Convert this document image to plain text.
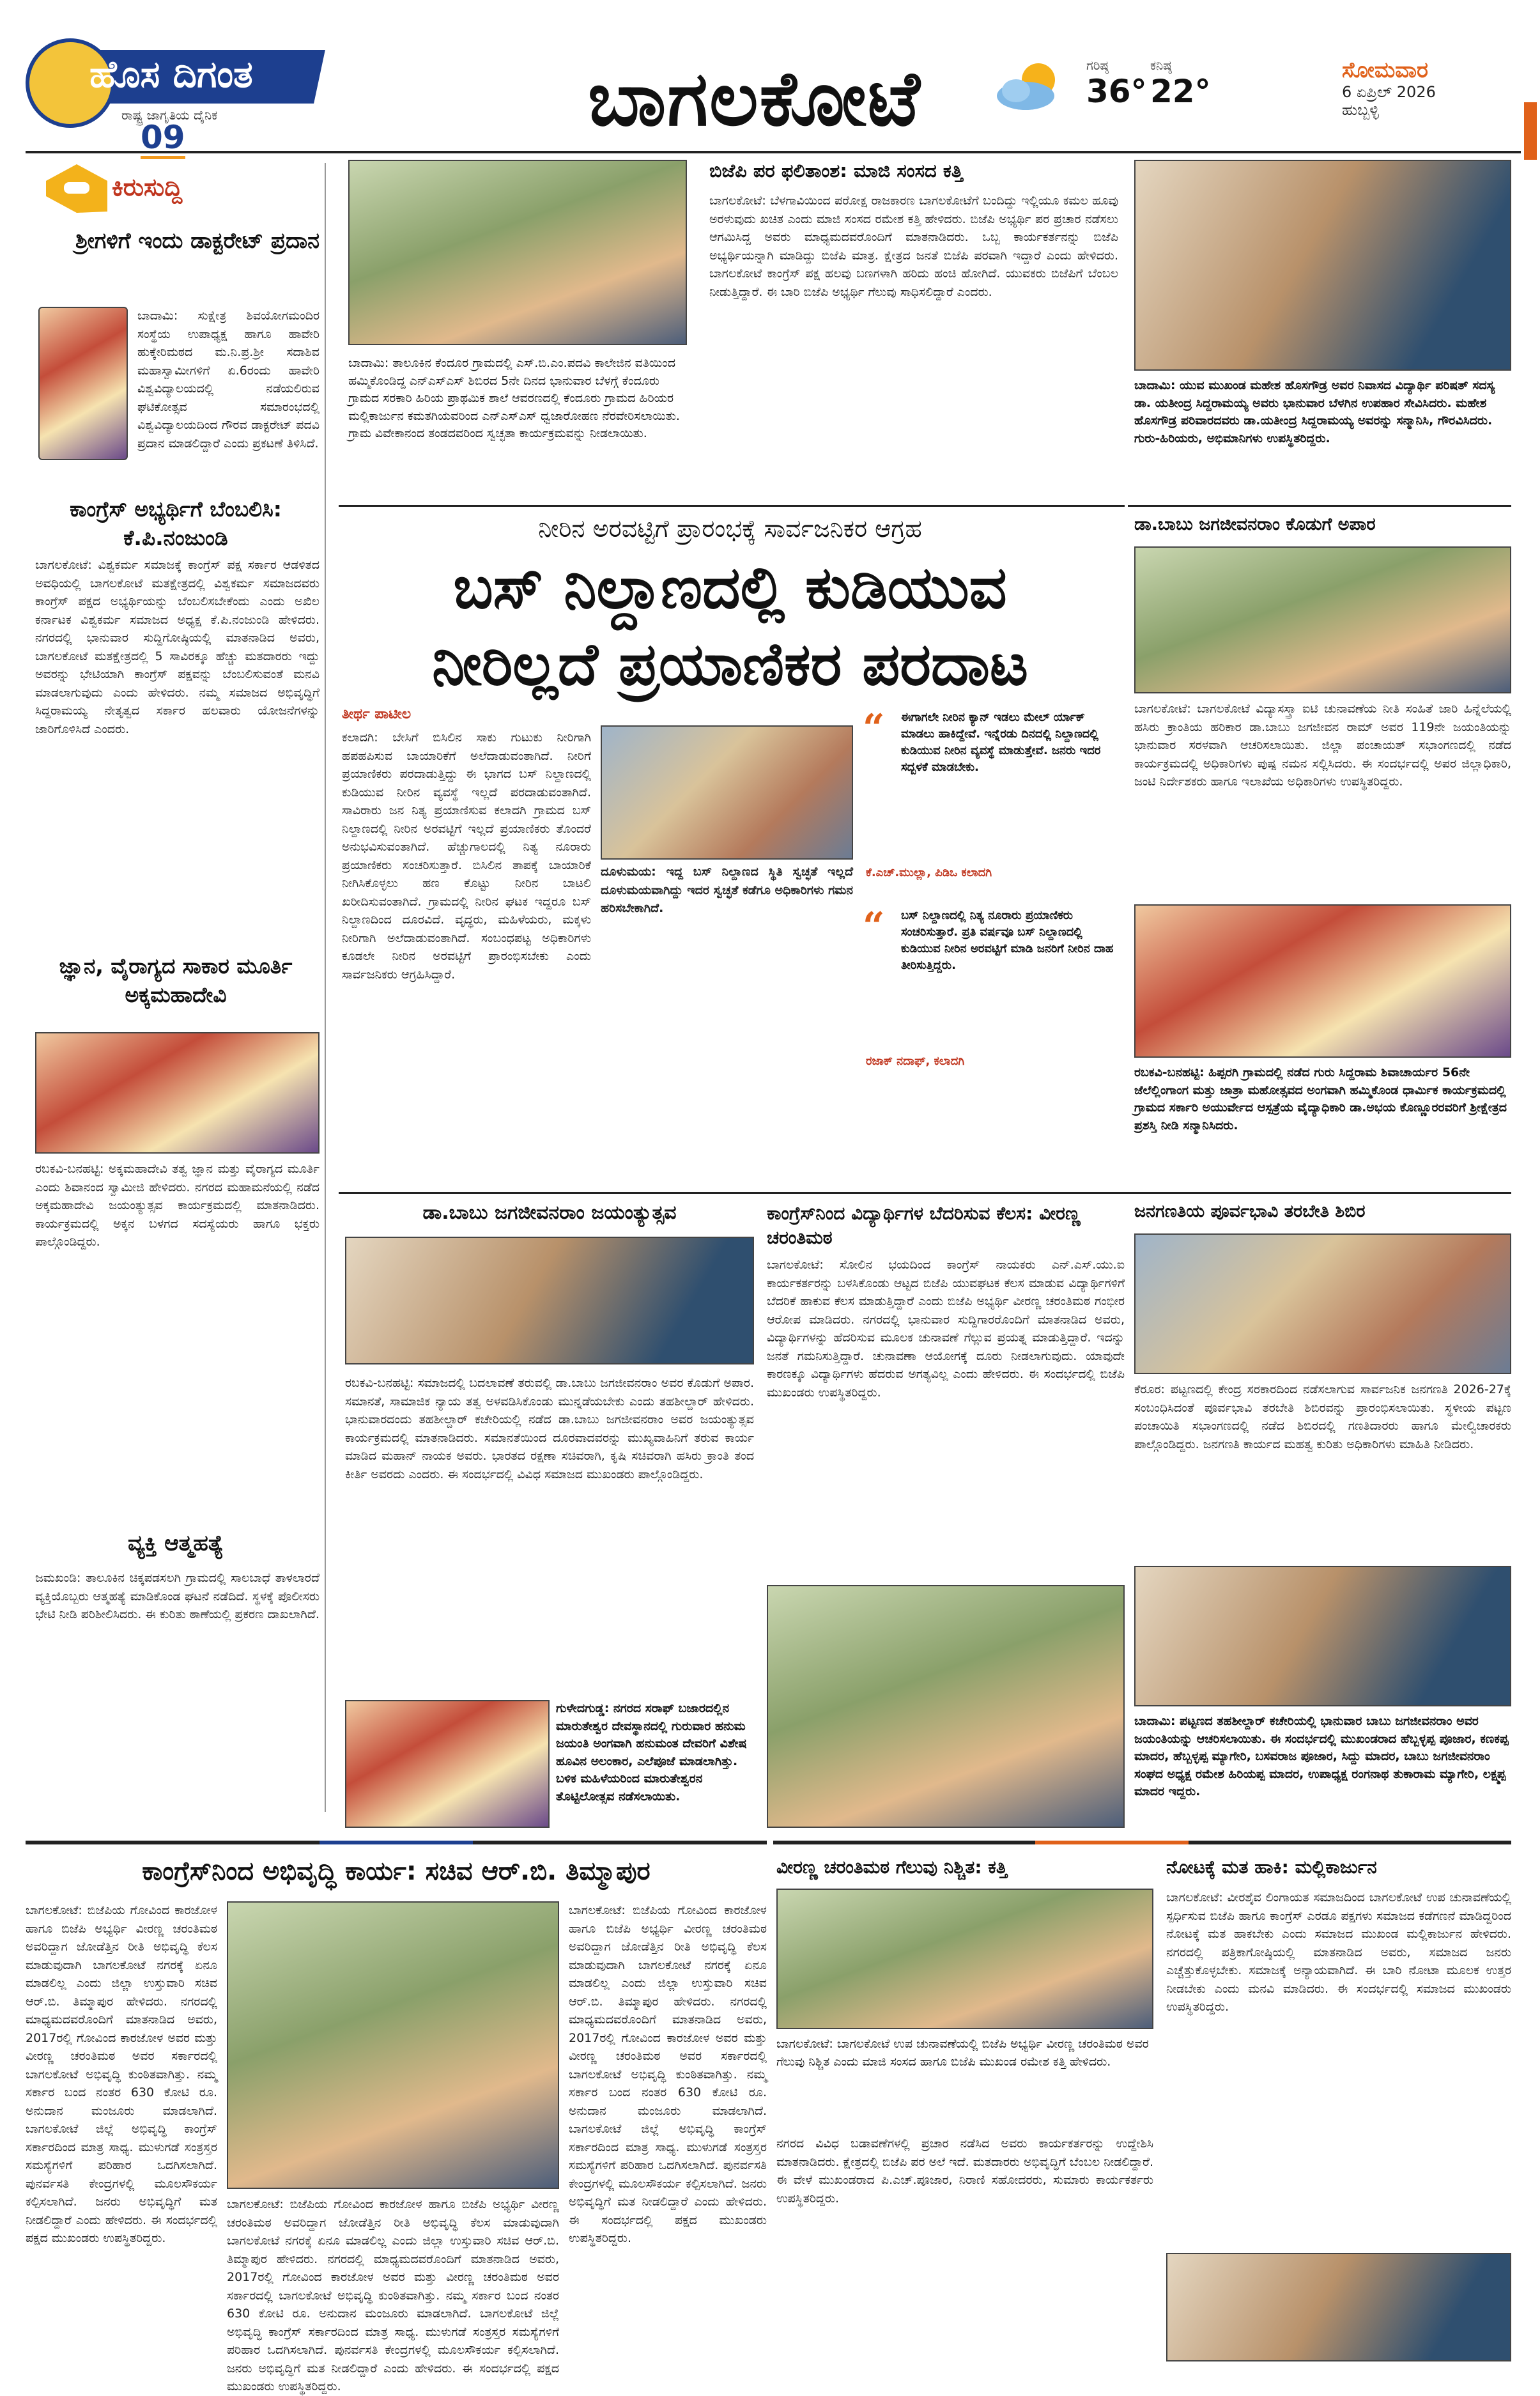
ಹೊಸ ದಿಗಂತ
ರಾಷ್ಟ್ರ ಜಾಗೃತಿಯ ದೈನಿಕ
09	ಬಾಗಲಕೋಟೆ	ಗರಿಷ್ಠ
36°
ಕನಿಷ್ಠ
22°
ಸೋಮವಾರ
6 ಏಪ್ರಿಲ್ 2026
ಹುಬ್ಬಳ್ಳಿ
ಕಿರುಸುದ್ದಿ
ಶ್ರೀಗಳಿಗೆ ಇಂದು ಡಾಕ್ಟರೇಟ್ ಪ್ರದಾನ
ಬಾದಾಮಿ: ಸುಕ್ಷೇತ್ರ ಶಿವಯೋಗಮಂದಿರ ಸಂಸ್ಥೆಯ ಉಪಾಧ್ಯಕ್ಷ ಹಾಗೂ ಹಾವೇರಿ ಹುಕ್ಕೇರಿಮಠದ ಮ.ನಿ.ಪ್ರ.ಶ್ರೀ ಸದಾಶಿವ ಮಹಾಸ್ವಾಮೀಗಳಿಗೆ ಏ.6ರಂದು ಹಾವೇರಿ ವಿಶ್ವವಿದ್ಯಾಲಯದಲ್ಲಿ ನಡೆಯಲಿರುವ ಘಟಿಕೋತ್ಸವ ಸಮಾರಂಭದಲ್ಲಿ ವಿಶ್ವವಿದ್ಯಾಲಯದಿಂದ ಗೌರವ ಡಾಕ್ಟರೇಟ್ ಪದವಿ ಪ್ರದಾನ ಮಾಡಲಿದ್ದಾರೆ ಎಂದು ಪ್ರಕಟಣೆ ತಿಳಿಸಿದೆ.
ಕಾಂಗ್ರೆಸ್ ಅಭ್ಯರ್ಥಿಗೆ ಬೆಂಬಲಿಸಿ: ಕೆ.ಪಿ.ನಂಜುಂಡಿ
ಬಾಗಲಕೋಟೆ: ವಿಶ್ವಕರ್ಮ ಸಮಾಜಕ್ಕೆ ಕಾಂಗ್ರೆಸ್ ಪಕ್ಷ ಸರ್ಕಾರ ಆಡಳಿತದ ಅವಧಿಯಲ್ಲಿ ಬಾಗಲಕೋಟೆ ಮತಕ್ಷೇತ್ರದಲ್ಲಿ ವಿಶ್ವಕರ್ಮ ಸಮಾಜದವರು ಕಾಂಗ್ರೆಸ್ ಪಕ್ಷದ ಅಭ್ಯರ್ಥಿಯನ್ನು ಬೆಂಬಲಿಸಬೇಕೆಂದು ಎಂದು ಅಖಿಲ ಕರ್ನಾಟಕ ವಿಶ್ವಕರ್ಮ ಸಮಾಜದ ಅಧ್ಯಕ್ಷ ಕೆ.ಪಿ.ನಂಜುಂಡಿ ಹೇಳಿದರು. ನಗರದಲ್ಲಿ ಭಾನುವಾರ ಸುದ್ದಿಗೋಷ್ಠಿಯಲ್ಲಿ ಮಾತನಾಡಿದ ಅವರು, ಬಾಗಲಕೋಟೆ ಮತಕ್ಷೇತ್ರದಲ್ಲಿ 5 ಸಾವಿರಕ್ಕೂ ಹೆಚ್ಚು ಮತದಾರರು ಇದ್ದು ಅವರನ್ನು ಭೇಟಿಯಾಗಿ ಕಾಂಗ್ರೆಸ್ ಪಕ್ಷವನ್ನು ಬೆಂಬಲಿಸುವಂತೆ ಮನವಿ ಮಾಡಲಾಗುವುದು ಎಂದು ಹೇಳಿದರು. ನಮ್ಮ ಸಮಾಜದ ಅಭಿವೃದ್ಧಿಗೆ ಸಿದ್ದರಾಮಯ್ಯ ನೇತೃತ್ವದ ಸರ್ಕಾರ ಹಲವಾರು ಯೋಜನೆಗಳನ್ನು ಜಾರಿಗೊಳಿಸಿದೆ ಎಂದರು.
ಜ್ಞಾನ, ವೈರಾಗ್ಯದ ಸಾಕಾರ ಮೂರ್ತಿ ಅಕ್ಕಮಹಾದೇವಿ
ರಬಕವಿ-ಬನಹಟ್ಟಿ: ಅಕ್ಕಮಹಾದೇವಿ ತತ್ವ ಜ್ಞಾನ ಮತ್ತು ವೈರಾಗ್ಯದ ಮೂರ್ತಿ ಎಂದು ಶಿವಾನಂದ ಸ್ವಾಮೀಜಿ ಹೇಳಿದರು. ನಗರದ ಮಹಾಮನೆಯಲ್ಲಿ ನಡೆದ ಅಕ್ಕಮಹಾದೇವಿ ಜಯಂತ್ಯುತ್ಸವ ಕಾರ್ಯಕ್ರಮದಲ್ಲಿ ಮಾತನಾಡಿದರು. ಕಾರ್ಯಕ್ರಮದಲ್ಲಿ ಅಕ್ಕನ ಬಳಗದ ಸದಸ್ಯೆಯರು ಹಾಗೂ ಭಕ್ತರು ಪಾಲ್ಗೊಂಡಿದ್ದರು.
ವ್ಯಕ್ತಿ ಆತ್ಮಹತ್ಯೆ
ಜಮಖಂಡಿ: ತಾಲೂಕಿನ ಚಿಕ್ಕಪಡಸಲಗಿ ಗ್ರಾಮದಲ್ಲಿ ಸಾಲಬಾಧೆ ತಾಳಲಾರದೆ ವ್ಯಕ್ತಿಯೊಬ್ಬರು ಆತ್ಮಹತ್ಯೆ ಮಾಡಿಕೊಂಡ ಘಟನೆ ನಡೆದಿದೆ. ಸ್ಥಳಕ್ಕೆ ಪೊಲೀಸರು ಭೇಟಿ ನೀಡಿ ಪರಿಶೀಲಿಸಿದರು. ಈ ಕುರಿತು ಠಾಣೆಯಲ್ಲಿ ಪ್ರಕರಣ ದಾಖಲಾಗಿದೆ.
ಬಾದಾಮಿ: ತಾಲೂಕಿನ ಕೆಂದೂರ ಗ್ರಾಮದಲ್ಲಿ ಎಸ್.ಬಿ.ಎಂ.ಪದವಿ ಕಾಲೇಜಿನ ವತಿಯಿಂದ ಹಮ್ಮಿಕೊಂಡಿದ್ದ ಎನ್ಎಸ್ಎಸ್ ಶಿಬಿರದ 5ನೇ ದಿನದ ಭಾನುವಾರ ಬೆಳಗ್ಗೆ ಕೆಂದೂರು ಗ್ರಾಮದ ಸರಕಾರಿ ಹಿರಿಯ ಪ್ರಾಥಮಿಕ ಶಾಲೆ ಆವರಣದಲ್ಲಿ ಕೆಂದೂರು ಗ್ರಾಮದ ಹಿರಿಯರ ಮಲ್ಲಿಕಾರ್ಜುನ ಕಮತಗಿಯವರಿಂದ ಎನ್ಎಸ್ಎಸ್ ಧ್ವಜಾರೋಹಣ ನೆರವೇರಿಸಲಾಯಿತು. ಗ್ರಾಮ ವಿವೇಕಾನಂದ ತಂಡದವರಿಂದ ಸ್ವಚ್ಛತಾ ಕಾರ್ಯಕ್ರಮವನ್ನು ನೀಡಲಾಯಿತು.
ಬಿಜೆಪಿ ಪರ ಫಲಿತಾಂಶ: ಮಾಜಿ ಸಂಸದ ಕತ್ತಿ
ಬಾಗಲಕೋಟೆ: ಬೆಳಗಾವಿಯಿಂದ ಪರೋಕ್ಷ ರಾಜಕಾರಣ ಬಾಗಲಕೋಟೆಗೆ ಬಂದಿದ್ದು ಇಲ್ಲಿಯೂ ಕಮಲ ಹೂವು ಅರಳುವುದು ಖಚಿತ ಎಂದು ಮಾಜಿ ಸಂಸದ ರಮೇಶ ಕತ್ತಿ ಹೇಳಿದರು. ಬಿಜೆಪಿ ಅಭ್ಯರ್ಥಿ ಪರ ಪ್ರಚಾರ ನಡೆಸಲು ಆಗಮಿಸಿದ್ದ ಅವರು ಮಾಧ್ಯಮದವರೊಂದಿಗೆ ಮಾತನಾಡಿದರು. ಒಬ್ಬ ಕಾರ್ಯಕರ್ತನನ್ನು ಬಿಜೆಪಿ ಅಭ್ಯರ್ಥಿಯನ್ನಾಗಿ ಮಾಡಿದ್ದು ಬಿಜೆಪಿ ಮಾತ್ರ. ಕ್ಷೇತ್ರದ ಜನತೆ ಬಿಜೆಪಿ ಪರವಾಗಿ ಇದ್ದಾರೆ ಎಂದು ಹೇಳಿದರು. ಬಾಗಲಕೋಟೆ ಕಾಂಗ್ರೆಸ್ ಪಕ್ಷ ಹಲವು ಬಣಗಳಾಗಿ ಹರಿದು ಹಂಚಿ ಹೋಗಿದೆ. ಯುವಕರು ಬಿಜೆಪಿಗೆ ಬೆಂಬಲ ನೀಡುತ್ತಿದ್ದಾರೆ. ಈ ಬಾರಿ ಬಿಜೆಪಿ ಅಭ್ಯರ್ಥಿ ಗೆಲುವು ಸಾಧಿಸಲಿದ್ದಾರೆ ಎಂದರು.
ಬಾದಾಮಿ: ಯುವ ಮುಖಂಡ ಮಹೇಶ ಹೊಸಗೌಡ್ರ ಅವರ ನಿವಾಸದ ವಿದ್ಯಾರ್ಥಿ ಪರಿಷತ್ ಸದಸ್ಯ ಡಾ. ಯತೀಂದ್ರ ಸಿದ್ದರಾಮಯ್ಯ ಅವರು ಭಾನುವಾರ ಬೆಳಗಿನ ಉಪಹಾರ ಸೇವಿಸಿದರು. ಮಹೇಶ ಹೊಸಗೌಡ್ರ ಪರಿವಾರದವರು ಡಾ.ಯತೀಂದ್ರ ಸಿದ್ದರಾಮಯ್ಯ ಅವರನ್ನು ಸನ್ಮಾನಿಸಿ, ಗೌರವಿಸಿದರು. ಗುರು-ಹಿರಿಯರು, ಅಭಿಮಾನಿಗಳು ಉಪಸ್ಥಿತರಿದ್ದರು.
ನೀರಿನ ಅರವಟ್ಟಿಗೆ ಪ್ರಾರಂಭಕ್ಕೆ ಸಾರ್ವಜನಿಕರ ಆಗ್ರಹ
ಬಸ್ ನಿಲ್ದಾಣದಲ್ಲಿ ಕುಡಿಯುವ
ನೀರಿಲ್ಲದೆ ಪ್ರಯಾಣಿಕರ ಪರದಾಟ
ತೀರ್ಥ ಪಾಟೀಲ
ಕಲಾದಗಿ: ಬೇಸಿಗೆ ಬಿಸಿಲಿನ ಸಾಕು ಗುಟುಕು ನೀರಿಗಾಗಿ ಹಪಹಪಿಸುವ ಬಾಯಾರಿಕೆಗೆ ಅಲೆದಾಡುವಂತಾಗಿದೆ. ನೀರಿಗೆ ಪ್ರಯಾಣಿಕರು ಪರದಾಡುತ್ತಿದ್ದು ಈ ಭಾಗದ ಬಸ್ ನಿಲ್ದಾಣದಲ್ಲಿ ಕುಡಿಯುವ ನೀರಿನ ವ್ಯವಸ್ಥೆ ಇಲ್ಲದೆ ಪರದಾಡುವಂತಾಗಿದೆ. ಸಾವಿರಾರು ಜನ ನಿತ್ಯ ಪ್ರಯಾಣಿಸುವ ಕಲಾದಗಿ ಗ್ರಾಮದ ಬಸ್ ನಿಲ್ದಾಣದಲ್ಲಿ ನೀರಿನ ಅರವಟ್ಟಿಗೆ ಇಲ್ಲದೆ ಪ್ರಯಾಣಿಕರು ತೊಂದರೆ ಅನುಭವಿಸುವಂತಾಗಿದೆ. ಹೆಚ್ಚುಗಾಲದಲ್ಲಿ ನಿತ್ಯ ನೂರಾರು ಪ್ರಯಾಣಿಕರು ಸಂಚರಿಸುತ್ತಾರೆ. ಬಿಸಿಲಿನ ತಾಪಕ್ಕೆ ಬಾಯಾರಿಕೆ ನೀಗಿಸಿಕೊಳ್ಳಲು ಹಣ ಕೊಟ್ಟು ನೀರಿನ ಬಾಟಲಿ ಖರೀದಿಸುವಂತಾಗಿದೆ. ಗ್ರಾಮದಲ್ಲಿ ನೀರಿನ ಘಟಕ ಇದ್ದರೂ ಬಸ್ ನಿಲ್ದಾಣದಿಂದ ದೂರವಿದೆ. ವೃದ್ಧರು, ಮಹಿಳೆಯರು, ಮಕ್ಕಳು ನೀರಿಗಾಗಿ ಅಲೆದಾಡುವಂತಾಗಿದೆ. ಸಂಬಂಧಪಟ್ಟ ಅಧಿಕಾರಿಗಳು ಕೂಡಲೇ ನೀರಿನ ಅರವಟ್ಟಿಗೆ ಪ್ರಾರಂಭಿಸಬೇಕು ಎಂದು ಸಾರ್ವಜನಿಕರು ಆಗ್ರಹಿಸಿದ್ದಾರೆ.
ದೂಳುಮಯ: ಇದ್ದ ಬಸ್ ನಿಲ್ದಾಣದ ಸ್ಥಿತಿ ಸ್ವಚ್ಛತೆ ಇಲ್ಲದೆ ದೂಳುಮಯವಾಗಿದ್ದು ಇದರ ಸ್ವಚ್ಛತೆ ಕಡೆಗೂ ಅಧಿಕಾರಿಗಳು ಗಮನ ಹರಿಸಬೇಕಾಗಿದೆ.
“ ಈಗಾಗಲೇ ನೀರಿನ ಕ್ಯಾನ್ ಇಡಲು ಮೇಲ್ ರ್ಯಾಕ್ ಮಾಡಲು ಹಾಕಿದ್ದೇವೆ. ಇನ್ನೆರಡು ದಿನದಲ್ಲಿ ನಿಲ್ದಾಣದಲ್ಲಿ ಕುಡಿಯುವ ನೀರಿನ ವ್ಯವಸ್ಥೆ ಮಾಡುತ್ತೇವೆ. ಜನರು ಇದರ ಸದ್ಬಳಕೆ ಮಾಡಬೇಕು.
ಕೆ.ಎಚ್.ಮುಲ್ಲಾ, ಪಿಡಿಒ ಕಲಾದಗಿ
“ ಬಸ್ ನಿಲ್ದಾಣದಲ್ಲಿ ನಿತ್ಯ ನೂರಾರು ಪ್ರಯಾಣಿಕರು ಸಂಚರಿಸುತ್ತಾರೆ. ಪ್ರತಿ ವರ್ಷವೂ ಬಸ್ ನಿಲ್ದಾಣದಲ್ಲಿ ಕುಡಿಯುವ ನೀರಿನ ಅರವಟ್ಟಿಗೆ ಮಾಡಿ ಜನರಿಗೆ ನೀರಿನ ದಾಹ ತೀರಿಸುತ್ತಿದ್ದರು.
ರಜಾಕ್ ನದಾಫ್, ಕಲಾದಗಿ
ಡಾ.ಬಾಬು ಜಗಜೀವನರಾಂ ಕೊಡುಗೆ ಅಪಾರ
ಬಾಗಲಕೋಟೆ: ಬಾಗಲಕೋಟೆ ವಿದ್ಯಾಸಸ್ತ್ರಾ ಐಟಿ ಚುನಾವಣೆಯ ನೀತಿ ಸಂಹಿತೆ ಜಾರಿ ಹಿನ್ನೆಲೆಯಲ್ಲಿ ಹಸಿರು ಕ್ರಾಂತಿಯ ಹರಿಕಾರ ಡಾ.ಬಾಬು ಜಗಜೀವನ ರಾಮ್ ಅವರ 119ನೇ ಜಯಂತಿಯನ್ನು ಭಾನುವಾರ ಸರಳವಾಗಿ ಆಚರಿಸಲಾಯಿತು. ಜಿಲ್ಲಾ ಪಂಚಾಯತ್ ಸಭಾಂಗಣದಲ್ಲಿ ನಡೆದ ಕಾರ್ಯಕ್ರಮದಲ್ಲಿ ಅಧಿಕಾರಿಗಳು ಪುಷ್ಪ ನಮನ ಸಲ್ಲಿಸಿದರು. ಈ ಸಂದರ್ಭದಲ್ಲಿ ಅಪರ ಜಿಲ್ಲಾಧಿಕಾರಿ, ಜಂಟಿ ನಿರ್ದೇಶಕರು ಹಾಗೂ ಇಲಾಖೆಯ ಅಧಿಕಾರಿಗಳು ಉಪಸ್ಥಿತರಿದ್ದರು.
ರಬಕವಿ-ಬನಹಟ್ಟಿ: ಹಿಪ್ಪರಗಿ ಗ್ರಾಮದಲ್ಲಿ ನಡೆದ ಗುರು ಸಿದ್ದರಾಮ ಶಿವಾಚಾರ್ಯರ 56ನೇ ಜೆಲೆಲ್ಲಿಂಗಾಂಗ ಮತ್ತು ಜಾತ್ರಾ ಮಹೋತ್ಸವದ ಅಂಗವಾಗಿ ಹಮ್ಮಿಕೊಂಡ ಧಾರ್ಮಿಕ ಕಾರ್ಯಕ್ರಮದಲ್ಲಿ ಗ್ರಾಮದ ಸರ್ಕಾರಿ ಅಯುರ್ವೇದ ಆಸ್ಪತ್ರೆಯ ವೈದ್ಯಾಧಿಕಾರಿ ಡಾ.ಅಭಯ ಕೊಣ್ಣೂರರವರಿಗೆ ಶ್ರೀಕ್ಷೇತ್ರದ ಪ್ರಶಸ್ತಿ ನೀಡಿ ಸನ್ಮಾನಿಸಿದರು.
ಡಾ.ಬಾಬು ಜಗಜೀವನರಾಂ ಜಯಂತ್ಯುತ್ಸವ
ರಬಕವಿ-ಬನಹಟ್ಟಿ: ಸಮಾಜದಲ್ಲಿ ಬದಲಾವಣೆ ತರುವಲ್ಲಿ ಡಾ.ಬಾಬು ಜಗಜೀವನರಾಂ ಅವರ ಕೊಡುಗೆ ಅಪಾರ. ಸಮಾನತೆ, ಸಾಮಾಜಿಕ ನ್ಯಾಯ ತತ್ವ ಅಳವಡಿಸಿಕೊಂಡು ಮುನ್ನಡೆಯಬೇಕು ಎಂದು ತಹಶೀಲ್ದಾರ್ ಹೇಳಿದರು. ಭಾನುವಾರದಂದು ತಹಶೀಲ್ದಾರ್ ಕಚೇರಿಯಲ್ಲಿ ನಡೆದ ಡಾ.ಬಾಬು ಜಗಜೀವನರಾಂ ಅವರ ಜಯಂತ್ಯುತ್ಸವ ಕಾರ್ಯಕ್ರಮದಲ್ಲಿ ಮಾತನಾಡಿದರು. ಸಮಾನತೆಯಿಂದ ದೂರವಾದವರನ್ನು ಮುಖ್ಯವಾಹಿನಿಗೆ ತರುವ ಕಾರ್ಯ ಮಾಡಿದ ಮಹಾನ್ ನಾಯಕ ಅವರು. ಭಾರತದ ರಕ್ಷಣಾ ಸಚಿವರಾಗಿ, ಕೃಷಿ ಸಚಿವರಾಗಿ ಹಸಿರು ಕ್ರಾಂತಿ ತಂದ ಕೀರ್ತಿ ಅವರದು ಎಂದರು. ಈ ಸಂದರ್ಭದಲ್ಲಿ ವಿವಿಧ ಸಮಾಜದ ಮುಖಂಡರು ಪಾಲ್ಗೊಂಡಿದ್ದರು.
ಗುಳೇದಗುಡ್ಡ: ನಗರದ ಸರಾಫ್ ಬಜಾರದಲ್ಲಿನ ಮಾರುತೇಶ್ವರ ದೇವಸ್ಥಾನದಲ್ಲಿ ಗುರುವಾರ ಹನುಮ ಜಯಂತಿ ಅಂಗವಾಗಿ ಹನುಮಂತ ದೇವರಿಗೆ ವಿಶೇಷ ಹೂವಿನ ಅಲಂಕಾರ, ಎಲೆಪೂಜೆ ಮಾಡಲಾಗಿತ್ತು. ಬಳಿಕ ಮಹಿಳೆಯರಿಂದ ಮಾರುತೇಶ್ವರನ ತೊಟ್ಟಿಲೋತ್ಸವ ನಡೆಸಲಾಯಿತು.
ಕಾಂಗ್ರೆಸ್‌ನಿಂದ ವಿದ್ಯಾರ್ಥಿಗಳ ಬೆದರಿಸುವ ಕೆಲಸ: ವೀರಣ್ಣ ಚರಂತಿಮಠ
ಬಾಗಲಕೋಟೆ: ಸೋಲಿನ ಭಯದಿಂದ ಕಾಂಗ್ರೆಸ್ ನಾಯಕರು ಎನ್.ಎಸ್.ಯು.ಐ ಕಾರ್ಯಕರ್ತರನ್ನು ಬಳಸಿಕೊಂಡು ಆಟ್ಟದ ಬಿಜೆಪಿ ಯುವಘಟಕ ಕೆಲಸ ಮಾಡುವ ವಿದ್ಯಾರ್ಥಿಗಳಿಗೆ ಬೆದರಿಕೆ ಹಾಕುವ ಕೆಲಸ ಮಾಡುತ್ತಿದ್ದಾರೆ ಎಂದು ಬಿಜೆಪಿ ಅಭ್ಯರ್ಥಿ ವೀರಣ್ಣ ಚರಂತಿಮಠ ಗಂಭೀರ ಆರೋಪ ಮಾಡಿದರು. ನಗರದಲ್ಲಿ ಭಾನುವಾರ ಸುದ್ದಿಗಾರರೊಂದಿಗೆ ಮಾತನಾಡಿದ ಅವರು, ವಿದ್ಯಾರ್ಥಿಗಳನ್ನು ಹೆದರಿಸುವ ಮೂಲಕ ಚುನಾವಣೆ ಗೆಲ್ಲುವ ಪ್ರಯತ್ನ ಮಾಡುತ್ತಿದ್ದಾರೆ. ಇದನ್ನು ಜನತೆ ಗಮನಿಸುತ್ತಿದ್ದಾರೆ. ಚುನಾವಣಾ ಆಯೋಗಕ್ಕೆ ದೂರು ನೀಡಲಾಗುವುದು. ಯಾವುದೇ ಕಾರಣಕ್ಕೂ ವಿದ್ಯಾರ್ಥಿಗಳು ಹೆದರುವ ಅಗತ್ಯವಿಲ್ಲ ಎಂದು ಹೇಳಿದರು. ಈ ಸಂದರ್ಭದಲ್ಲಿ ಬಿಜೆಪಿ ಮುಖಂಡರು ಉಪಸ್ಥಿತರಿದ್ದರು.
ಜನಗಣತಿಯ ಪೂರ್ವಭಾವಿ ತರಬೇತಿ ಶಿಬಿರ
ಕೆರೂರ: ಪಟ್ಟಣದಲ್ಲಿ ಕೇಂದ್ರ ಸರಕಾರದಿಂದ ನಡೆಸಲಾಗುವ ಸಾರ್ವಜನಿಕ ಜನಗಣತಿ 2026-27ಕ್ಕೆ ಸಂಬಂಧಿಸಿದಂತೆ ಪೂರ್ವಭಾವಿ ತರಬೇತಿ ಶಿಬಿರವನ್ನು ಪ್ರಾರಂಭಿಸಲಾಯಿತು. ಸ್ಥಳೀಯ ಪಟ್ಟಣ ಪಂಚಾಯಿತಿ ಸಭಾಂಗಣದಲ್ಲಿ ನಡೆದ ಶಿಬಿರದಲ್ಲಿ ಗಣತಿದಾರರು ಹಾಗೂ ಮೇಲ್ವಿಚಾರಕರು ಪಾಲ್ಗೊಂಡಿದ್ದರು. ಜನಗಣತಿ ಕಾರ್ಯದ ಮಹತ್ವ ಕುರಿತು ಅಧಿಕಾರಿಗಳು ಮಾಹಿತಿ ನೀಡಿದರು.
ಬಾದಾಮಿ: ಪಟ್ಟಣದ ತಹಶೀಲ್ದಾರ್ ಕಚೇರಿಯಲ್ಲಿ ಭಾನುವಾರ ಬಾಬು ಜಗಜೀವನರಾಂ ಅವರ ಜಯಂತಿಯನ್ನು ಆಚರಿಸಲಾಯಿತು. ಈ ಸಂದರ್ಭದಲ್ಲಿ ಮುಖಂಡರಾದ ಹೆಬ್ಬಳ್ಳಪ್ಪ ಪೂಜಾರ, ಕಣಕಪ್ಪ ಮಾದರ, ಹೆಬ್ಬಳ್ಳಪ್ಪ ಮ್ಯಾಗೇರಿ, ಬಸವರಾಜ ಪೂಜಾರ, ಸಿದ್ದು ಮಾದರ, ಬಾಬು ಜಗಜೀವನರಾಂ ಸಂಘದ ಅಧ್ಯಕ್ಷ ರಮೇಶ ಹಿರಿಯಪ್ಪ ಮಾದರ, ಉಪಾಧ್ಯಕ್ಷ ರಂಗನಾಥ ತುಕಾರಾಮ ಮ್ಯಾಗೇರಿ, ಲಕ್ಷ್ಮಪ್ಪ ಮಾದರ ಇದ್ದರು.
ಕಾಂಗ್ರೆಸ್‌ನಿಂದ ಅಭಿವೃದ್ಧಿ ಕಾರ್ಯ: ಸಚಿವ ಆರ್.ಬಿ. ತಿಮ್ಮಾಪುರ
ಬಾಗಲಕೋಟೆ: ಬಿಜೆಪಿಯ ಗೋವಿಂದ ಕಾರಜೋಳ ಹಾಗೂ ಬಿಜೆಪಿ ಅಭ್ಯರ್ಥಿ ವೀರಣ್ಣ ಚರಂತಿಮಠ ಅವರಿದ್ದಾಗ ಜೋಡೆತ್ತಿನ ರೀತಿ ಅಭಿವೃದ್ಧಿ ಕೆಲಸ ಮಾಡುವುದಾಗಿ ಬಾಗಲಕೋಟೆ ನಗರಕ್ಕೆ ಏನೂ ಮಾಡಲಿಲ್ಲ ಎಂದು ಜಿಲ್ಲಾ ಉಸ್ತುವಾರಿ ಸಚಿವ ಆರ್.ಬಿ. ತಿಮ್ಮಾಪುರ ಹೇಳಿದರು. ನಗರದಲ್ಲಿ ಮಾಧ್ಯಮದವರೊಂದಿಗೆ ಮಾತನಾಡಿದ ಅವರು, 2017ರಲ್ಲಿ ಗೋವಿಂದ ಕಾರಜೋಳ ಅವರ ಮತ್ತು ವೀರಣ್ಣ ಚರಂತಿಮಠ ಅವರ ಸರ್ಕಾರದಲ್ಲಿ ಬಾಗಲಕೋಟೆ ಅಭಿವೃದ್ಧಿ ಕುಂಠಿತವಾಗಿತ್ತು. ನಮ್ಮ ಸರ್ಕಾರ ಬಂದ ನಂತರ 630 ಕೋಟಿ ರೂ. ಅನುದಾನ ಮಂಜೂರು ಮಾಡಲಾಗಿದೆ. ಬಾಗಲಕೋಟೆ ಜಿಲ್ಲೆ ಅಭಿವೃದ್ಧಿ ಕಾಂಗ್ರೆಸ್ ಸರ್ಕಾರದಿಂದ ಮಾತ್ರ ಸಾಧ್ಯ. ಮುಳುಗಡೆ ಸಂತ್ರಸ್ತರ ಸಮಸ್ಯೆಗಳಿಗೆ ಪರಿಹಾರ ಒದಗಿಸಲಾಗಿದೆ. ಪುನರ್ವಸತಿ ಕೇಂದ್ರಗಳಲ್ಲಿ ಮೂಲಸೌಕರ್ಯ ಕಲ್ಪಿಸಲಾಗಿದೆ. ಜನರು ಅಭಿವೃದ್ಧಿಗೆ ಮತ ನೀಡಲಿದ್ದಾರೆ ಎಂದು ಹೇಳಿದರು. ಈ ಸಂದರ್ಭದಲ್ಲಿ ಪಕ್ಷದ ಮುಖಂಡರು ಉಪಸ್ಥಿತರಿದ್ದರು.
ಬಾಗಲಕೋಟೆ: ಬಿಜೆಪಿಯ ಗೋವಿಂದ ಕಾರಜೋಳ ಹಾಗೂ ಬಿಜೆಪಿ ಅಭ್ಯರ್ಥಿ ವೀರಣ್ಣ ಚರಂತಿಮಠ ಅವರಿದ್ದಾಗ ಜೋಡೆತ್ತಿನ ರೀತಿ ಅಭಿವೃದ್ಧಿ ಕೆಲಸ ಮಾಡುವುದಾಗಿ ಬಾಗಲಕೋಟೆ ನಗರಕ್ಕೆ ಏನೂ ಮಾಡಲಿಲ್ಲ ಎಂದು ಜಿಲ್ಲಾ ಉಸ್ತುವಾರಿ ಸಚಿವ ಆರ್.ಬಿ. ತಿಮ್ಮಾಪುರ ಹೇಳಿದರು. ನಗರದಲ್ಲಿ ಮಾಧ್ಯಮದವರೊಂದಿಗೆ ಮಾತನಾಡಿದ ಅವರು, 2017ರಲ್ಲಿ ಗೋವಿಂದ ಕಾರಜೋಳ ಅವರ ಮತ್ತು ವೀರಣ್ಣ ಚರಂತಿಮಠ ಅವರ ಸರ್ಕಾರದಲ್ಲಿ ಬಾಗಲಕೋಟೆ ಅಭಿವೃದ್ಧಿ ಕುಂಠಿತವಾಗಿತ್ತು. ನಮ್ಮ ಸರ್ಕಾರ ಬಂದ ನಂತರ 630 ಕೋಟಿ ರೂ. ಅನುದಾನ ಮಂಜೂರು ಮಾಡಲಾಗಿದೆ. ಬಾಗಲಕೋಟೆ ಜಿಲ್ಲೆ ಅಭಿವೃದ್ಧಿ ಕಾಂಗ್ರೆಸ್ ಸರ್ಕಾರದಿಂದ ಮಾತ್ರ ಸಾಧ್ಯ. ಮುಳುಗಡೆ ಸಂತ್ರಸ್ತರ ಸಮಸ್ಯೆಗಳಿಗೆ ಪರಿಹಾರ ಒದಗಿಸಲಾಗಿದೆ. ಪುನರ್ವಸತಿ ಕೇಂದ್ರಗಳಲ್ಲಿ ಮೂಲಸೌಕರ್ಯ ಕಲ್ಪಿಸಲಾಗಿದೆ. ಜನರು ಅಭಿವೃದ್ಧಿಗೆ ಮತ ನೀಡಲಿದ್ದಾರೆ ಎಂದು ಹೇಳಿದರು. ಈ ಸಂದರ್ಭದಲ್ಲಿ ಪಕ್ಷದ ಮುಖಂಡರು ಉಪಸ್ಥಿತರಿದ್ದರು.
ಬಾಗಲಕೋಟೆ: ಬಿಜೆಪಿಯ ಗೋವಿಂದ ಕಾರಜೋಳ ಹಾಗೂ ಬಿಜೆಪಿ ಅಭ್ಯರ್ಥಿ ವೀರಣ್ಣ ಚರಂತಿಮಠ ಅವರಿದ್ದಾಗ ಜೋಡೆತ್ತಿನ ರೀತಿ ಅಭಿವೃದ್ಧಿ ಕೆಲಸ ಮಾಡುವುದಾಗಿ ಬಾಗಲಕೋಟೆ ನಗರಕ್ಕೆ ಏನೂ ಮಾಡಲಿಲ್ಲ ಎಂದು ಜಿಲ್ಲಾ ಉಸ್ತುವಾರಿ ಸಚಿವ ಆರ್.ಬಿ. ತಿಮ್ಮಾಪುರ ಹೇಳಿದರು. ನಗರದಲ್ಲಿ ಮಾಧ್ಯಮದವರೊಂದಿಗೆ ಮಾತನಾಡಿದ ಅವರು, 2017ರಲ್ಲಿ ಗೋವಿಂದ ಕಾರಜೋಳ ಅವರ ಮತ್ತು ವೀರಣ್ಣ ಚರಂತಿಮಠ ಅವರ ಸರ್ಕಾರದಲ್ಲಿ ಬಾಗಲಕೋಟೆ ಅಭಿವೃದ್ಧಿ ಕುಂಠಿತವಾಗಿತ್ತು. ನಮ್ಮ ಸರ್ಕಾರ ಬಂದ ನಂತರ 630 ಕೋಟಿ ರೂ. ಅನುದಾನ ಮಂಜೂರು ಮಾಡಲಾಗಿದೆ. ಬಾಗಲಕೋಟೆ ಜಿಲ್ಲೆ ಅಭಿವೃದ್ಧಿ ಕಾಂಗ್ರೆಸ್ ಸರ್ಕಾರದಿಂದ ಮಾತ್ರ ಸಾಧ್ಯ. ಮುಳುಗಡೆ ಸಂತ್ರಸ್ತರ ಸಮಸ್ಯೆಗಳಿಗೆ ಪರಿಹಾರ ಒದಗಿಸಲಾಗಿದೆ. ಪುನರ್ವಸತಿ ಕೇಂದ್ರಗಳಲ್ಲಿ ಮೂಲಸೌಕರ್ಯ ಕಲ್ಪಿಸಲಾಗಿದೆ. ಜನರು ಅಭಿವೃದ್ಧಿಗೆ ಮತ ನೀಡಲಿದ್ದಾರೆ ಎಂದು ಹೇಳಿದರು. ಈ ಸಂದರ್ಭದಲ್ಲಿ ಪಕ್ಷದ ಮುಖಂಡರು ಉಪಸ್ಥಿತರಿದ್ದರು.
ವೀರಣ್ಣ ಚರಂತಿಮಠ ಗೆಲುವು ನಿಶ್ಚಿತ: ಕತ್ತಿ
ಬಾಗಲಕೋಟೆ: ಬಾಗಲಕೋಟೆ ಉಪ ಚುನಾವಣೆಯಲ್ಲಿ ಬಿಜೆಪಿ ಅಭ್ಯರ್ಥಿ ವೀರಣ್ಣ ಚರಂತಿಮಠ ಅವರ ಗೆಲುವು ನಿಶ್ಚಿತ ಎಂದು ಮಾಜಿ ಸಂಸದ ಹಾಗೂ ಬಿಜೆಪಿ ಮುಖಂಡ ರಮೇಶ ಕತ್ತಿ ಹೇಳಿದರು.
ನಗರದ ವಿವಿಧ ಬಡಾವಣೆಗಳಲ್ಲಿ ಪ್ರಚಾರ ನಡೆಸಿದ ಅವರು ಕಾರ್ಯಕರ್ತರನ್ನು ಉದ್ದೇಶಿಸಿ ಮಾತನಾಡಿದರು. ಕ್ಷೇತ್ರದಲ್ಲಿ ಬಿಜೆಪಿ ಪರ ಅಲೆ ಇದೆ. ಮತದಾರರು ಅಭಿವೃದ್ಧಿಗೆ ಬೆಂಬಲ ನೀಡಲಿದ್ದಾರೆ. ಈ ವೇಳೆ ಮುಖಂಡರಾದ ಪಿ.ಎಚ್.ಪೂಜಾರ, ನಿರಾಣಿ ಸಹೋದರರು, ಸುಮಾರು ಕಾರ್ಯಕರ್ತರು ಉಪಸ್ಥಿತರಿದ್ದರು.
ನೋಟಕ್ಕೆ ಮತ ಹಾಕಿ: ಮಲ್ಲಿಕಾರ್ಜುನ
ಬಾಗಲಕೋಟೆ: ವೀರಶೈವ ಲಿಂಗಾಯತ ಸಮಾಜದಿಂದ ಬಾಗಲಕೋಟೆ ಉಪ ಚುನಾವಣೆಯಲ್ಲಿ ಸ್ಪರ್ಧಿಸುವ ಬಿಜೆಪಿ ಹಾಗೂ ಕಾಂಗ್ರೆಸ್ ಎರಡೂ ಪಕ್ಷಗಳು ಸಮಾಜದ ಕಡೆಗಣನೆ ಮಾಡಿದ್ದರಿಂದ ನೋಟಕ್ಕೆ ಮತ ಹಾಕಬೇಕು ಎಂದು ಸಮಾಜದ ಮುಖಂಡ ಮಲ್ಲಿಕಾರ್ಜುನ ಹೇಳಿದರು. ನಗರದಲ್ಲಿ ಪತ್ರಿಕಾಗೋಷ್ಠಿಯಲ್ಲಿ ಮಾತನಾಡಿದ ಅವರು, ಸಮಾಜದ ಜನರು ಎಚ್ಚೆತ್ತುಕೊಳ್ಳಬೇಕು. ಸಮಾಜಕ್ಕೆ ಅನ್ಯಾಯವಾಗಿದೆ. ಈ ಬಾರಿ ನೋಟಾ ಮೂಲಕ ಉತ್ತರ ನೀಡಬೇಕು ಎಂದು ಮನವಿ ಮಾಡಿದರು. ಈ ಸಂದರ್ಭದಲ್ಲಿ ಸಮಾಜದ ಮುಖಂಡರು ಉಪಸ್ಥಿತರಿದ್ದರು.
